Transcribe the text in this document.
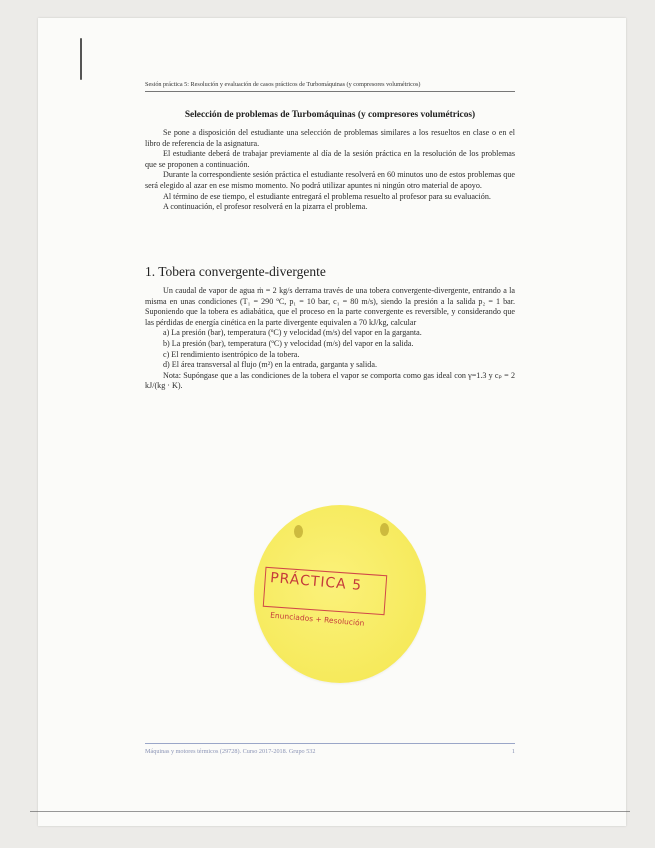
Sesión práctica 5: Resolución y evaluación de casos prácticos de Turbomáquinas (y compresores volumétricos)
Selección de problemas de Turbomáquinas (y compresores volumétricos)

Se pone a disposición del estudiante una selección de problemas similares a los resueltos en clase o en el libro de referencia de la asignatura.

El estudiante deberá de trabajar previamente al día de la sesión práctica en la resolución de los problemas que se proponen a continuación.

Durante la correspondiente sesión práctica el estudiante resolverá en 60 minutos uno de estos problemas que será elegido al azar en ese mismo momento. No podrá utilizar apuntes ni ningún otro material de apoyo.

Al término de ese tiempo, el estudiante entregará el problema resuelto al profesor para su evaluación.

A continuación, el profesor resolverá en la pizarra el problema.

1. Tobera convergente-divergente

Un caudal de vapor de agua ṁ = 2 kg/s derrama través de una tobera convergente-divergente, entrando a la misma en unas condiciones (T₁ = 290 ºC, p₁ = 10 bar, c₁ = 80 m/s), siendo la presión a la salida p₂ = 1 bar. Suponiendo que la tobera es adiabática, que el proceso en la parte convergente es reversible, y considerando que las pérdidas de energía cinética en la parte divergente equivalen a 70 kJ/kg, calcular

a) La presión (bar), temperatura (ºC) y velocidad (m/s) del vapor en la garganta.
b) La presión (bar), temperatura (ºC) y velocidad (m/s) del vapor en la salida.
c) El rendimiento isentrópico de la tobera.
d) El área transversal al flujo (m²) en la entrada, garganta y salida.

Nota: Supóngase que a las condiciones de la tobera el vapor se comporta como gas ideal con γ=1.3 y cₚ = 2 kJ/(kg · K).

PRÁCTICA 5
Enunciados + Resolución
Máquinas y motores térmicos (29728). Curso 2017-2018. Grupo 532	1
